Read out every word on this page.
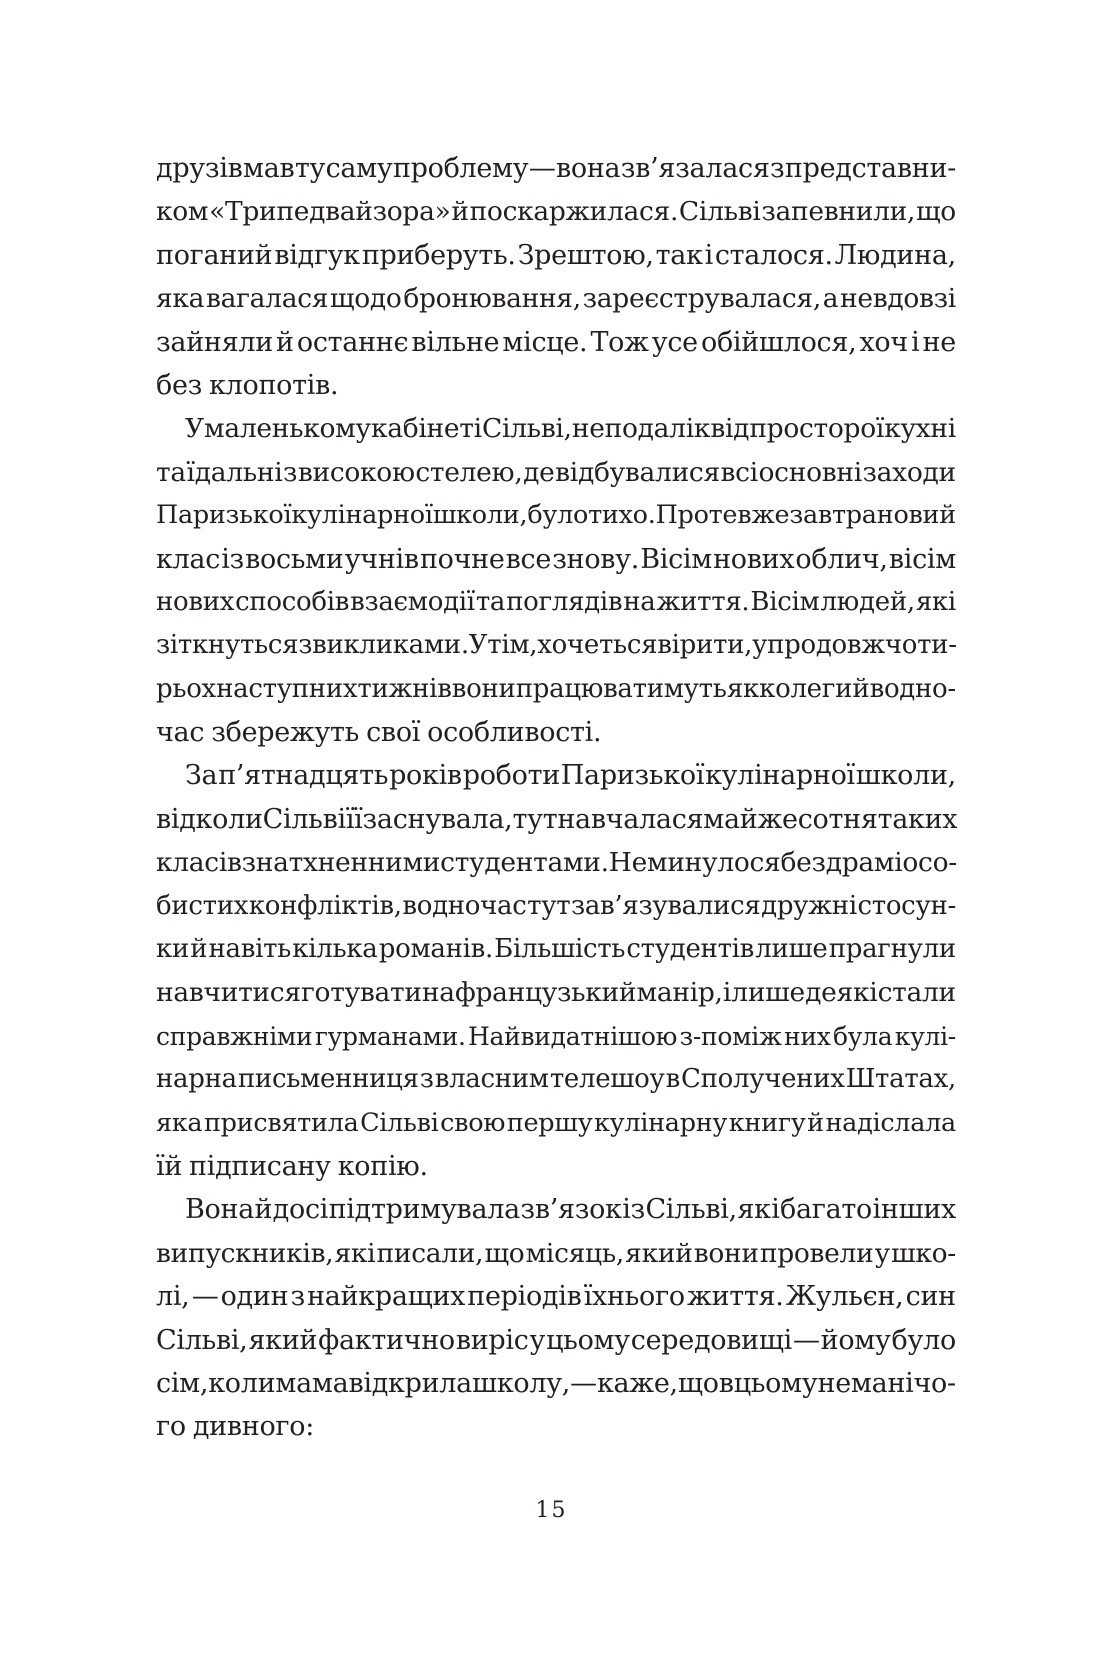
друзів мав ту саму проблему — вона зв’язалася з представни-
ком «Трипедвайзора» й поскаржилася. Сільві запевнили, що
поганий відгук приберуть. Зрештою, так і сталося. Людина,
яка вагалася щодо бронювання, зареєструвалася, а невдовзі
зайняли й останнє вільне місце. Тож усе обійшлося, хоч і не
без клопотів.
У маленькому кабінеті Сільві, неподалік від просторої кухні
та їдальні з високою стелею, де відбувалися всі основні заходи
Паризької кулінарної школи, було тихо. Проте вже завтра новий
клас із восьми учнів почне все знову. Вісім нових облич, вісім
нових способів взаємодії та поглядів на життя. Вісім людей, які
зіткнуться з викликами. Утім, хочеться вірити, упродовж чоти-
рьох наступних тижнів вони працюватимуть як колеги й водно-
час збережуть свої особливості.
За п’ятнадцять років роботи Паризької кулінарної школи,
відколи Сільві її заснувала, тут навчалася майже сотня таких
класів з натхненними студентами. Не минулося без драм і осо-
бистих конфліктів, водночас тут зав’язувалися дружні стосун-
ки й навіть кілька романів. Більшість студентів лише прагнули
навчитися готувати на французький манір, і лише деякі стали
справжніми гурманами. Найвидатнішою з-поміж них була кулі-
нарна письменниця з власним телешоу в Сполучених Штатах,
яка присвятила Сільві свою першу кулінарну книгу й надіслала
їй підписану копію.
Вона й досі підтримувала зв’язок із Сільві, як і багато інших
випускників, які писали, що місяць, який вони провели у шко-
лі, — один з найкращих періодів їхнього життя. Жульєн, син
Сільві, який фактично виріс у цьому середовищі — йому було
сім, коли мама відкрила школу, — каже, що в цьому нема нічо-
го дивного:
15
